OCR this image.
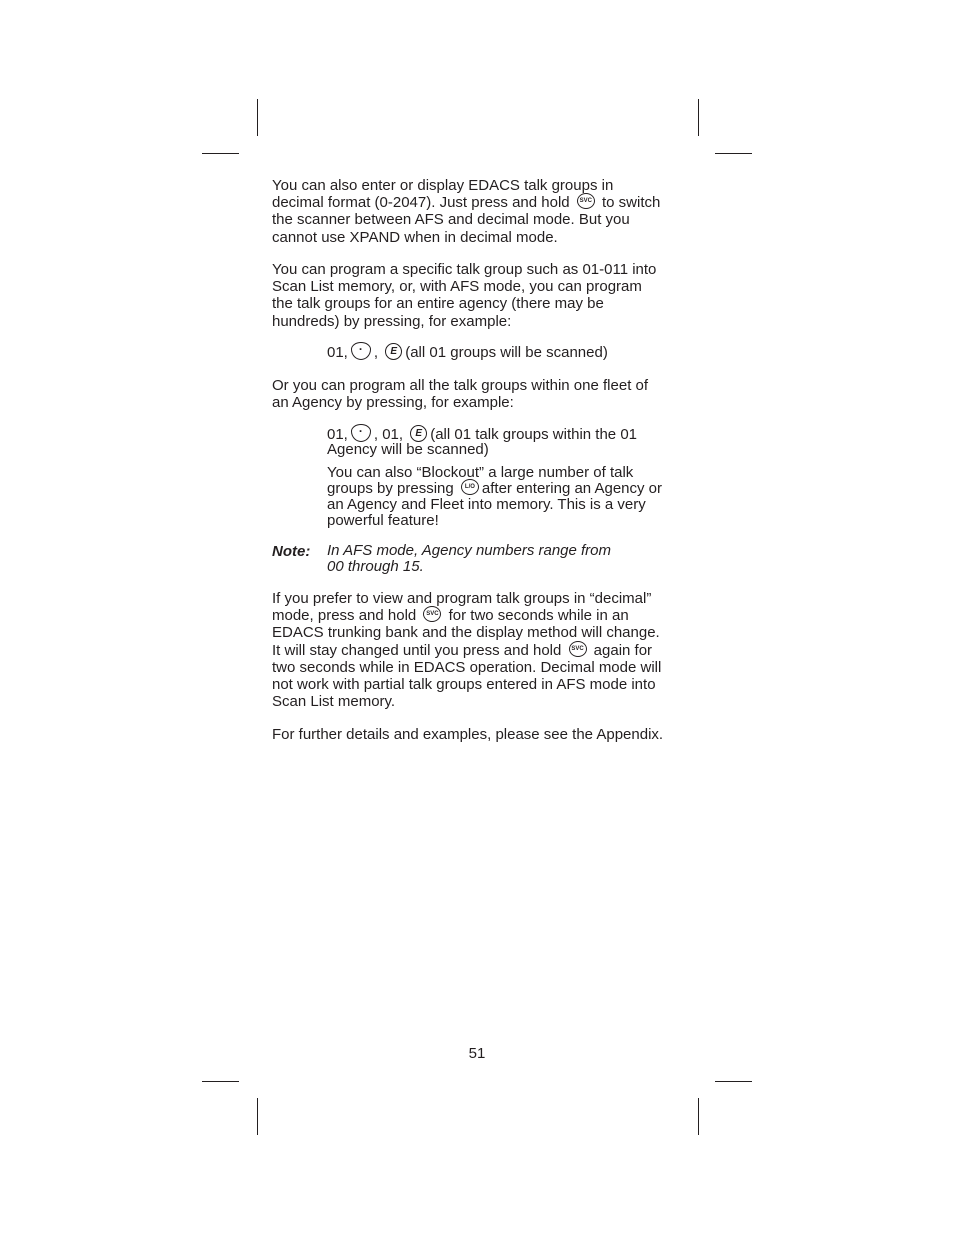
You can also enter or display EDACS talk groups in
decimal format (0-2047). Just press and hold SVC to switch
the scanner between AFS and decimal mode. But you
cannot use XPAND when in decimal mode.
You can program a specific talk group such as 01-011 into
Scan List memory, or, with AFS mode, you can program
the talk groups for an entire agency (there may be
hundreds) by pressing, for example:
01, · , E (all 01 groups will be scanned)
Or you can program all the talk groups within one fleet of
an Agency by pressing, for example:
01, · , 01, E (all 01 talk groups within the 01
Agency will be scanned)
You can also “Blockout” a large number of talk
groups by pressing L/O after entering an Agency or
an Agency and Fleet into memory. This is a very
powerful feature!
Note: In AFS mode, Agency numbers range from
00 through 15.
If you prefer to view and program talk groups in “decimal”
mode, press and hold SVC for two seconds while in an
EDACS trunking bank and the display method will change.
It will stay changed until you press and hold SVC again for
two seconds while in EDACS operation. Decimal mode will
not work with partial talk groups entered in AFS mode into
Scan List memory.
For further details and examples, please see the Appendix.
51
